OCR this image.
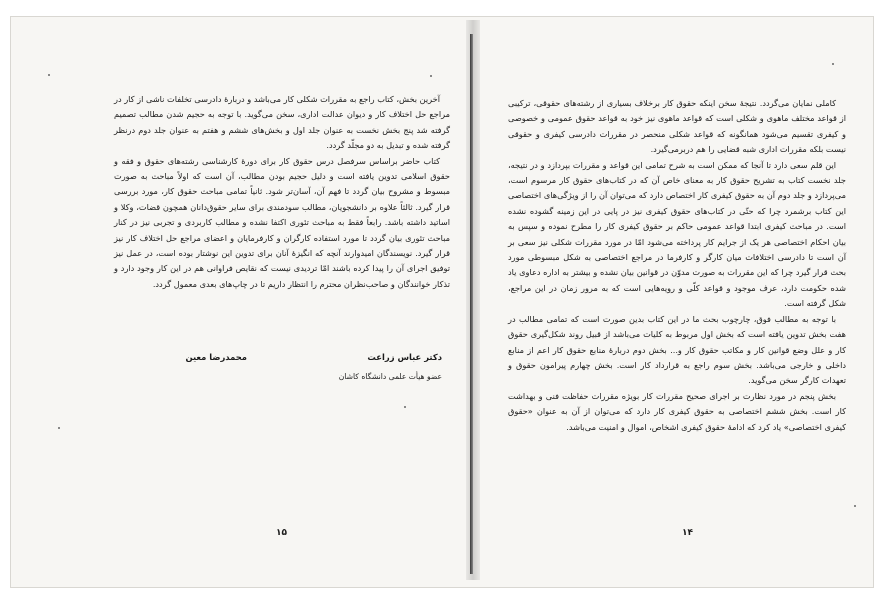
آخرین بخش، کتاب راجع به مقررات شکلی کار می‌باشد و دربارهٔ دادرسی تخلفات ناشی از کار در مراجع حل اختلاف کار و دیوان عدالت اداری، سخن می‌گوید. با توجه به حجیم شدن مطالب تصمیم گرفته شد پنج بخش نخست به عنوان جلد اول و بخش‌های ششم و هفتم به عنوان جلد دوم درنظر گرفته شده و تبدیل به دو مجلّد گردد.

کتاب حاضر براساس سرفصل درس حقوق کار برای دورهٔ کارشناسی رشته‌های حقوق و فقه و حقوق اسلامی تدوین یافته است و دلیل حجیم بودن مطالب، آن است که اولاً مباحث به صورت مبسوط و مشروح بیان گردد تا فهم آن، آسان‌تر شود. ثانیاً تمامی مباحث حقوق کار، مورد بررسی قرار گیرد. ثالثاً علاوه بر دانشجویان، مطالب سودمندی برای سایر حقوق‌دانان همچون قضات، وکلا و اساتید داشته باشد. رابعاً فقط به مباحث تئوری اکتفا نشده و مطالب کاربردی و تجربی نیز در کنار مباحث تئوری بیان گردد تا مورد استفاده کارگران و کارفرمایان و اعضای مراجع حل اختلاف کار نیز قرار گیرد. نویسندگان امیدوارند آنچه که انگیزهٔ آنان برای تدوین این نوشتار بوده است، در عمل نیز توفیق اجرای آن را پیدا کرده باشند امّا تردیدی نیست که نقایص فراوانی هم در این کار وجود دارد و تذکار خوانندگان و صاحب‌نظران محترم را انتظار داریم تا در چاپ‌های بعدی معمول گردد.

دکتر عباس زراعت
عضو هیأت علمی دانشگاه کاشان
محمدرضا معین
۱۵

کاملی نمایان می‌گردد. نتیجهٔ سخن اینکه حقوق کار برخلاف بسیاری از رشته‌های حقوقی، ترکیبی از قواعد مختلف ماهوی و شکلی است که قواعد ماهوی نیز خود به قواعد حقوق عمومی و خصوصی و کیفری تقسیم می‌شود همانگونه که قواعد شکلی منحصر در مقررات دادرسی کیفری و حقوقی نیست بلکه مقررات اداری شبه قضایی را هم دربرمی‌گیرد.

این قلم سعی دارد تا آنجا که ممکن است به شرح تمامی این قواعد و مقررات بپردازد و در نتیجه، جلد نخست کتاب به تشریح حقوق کار به معنای خاص آن که در کتاب‌های حقوق کار مرسوم است، می‌پردازد و جلد دوم آن به حقوق کیفری کار اختصاص دارد که می‌توان آن را از ویژگی‌های اختصاصی این کتاب برشمرد چرا که حتّی در کتاب‌های حقوق کیفری نیز در پایی در این زمینه گشوده نشده است. در مباحث کیفری ابتدا قواعد عمومی حاکم بر حقوق کیفری کار را مطرح نموده و سپس به بیان احکام اختصاصی هر یک از جرایم کار پرداخته می‌شود امّا در مورد مقررات شکلی نیز سعی بر آن است تا دادرسی اختلافات میان کارگر و کارفرما در مراجع اختصاصی به شکل مبسوطی مورد بحث قرار گیرد چرا که این مقررات به صورت مدوّن در قوانین بیان نشده و بیشتر به اداره دعاوی یاد شده حکومت دارد، عرف موجود و قواعد کلّی و رویه‌هایی است که به مرور زمان در این مراجع، شکل گرفته است.

با توجه به مطالب فوق، چارچوب بحث ما در این کتاب بدین صورت است که تمامی مطالب در هفت بخش تدوین یافته است که بخش اول مربوط به کلیات می‌باشد از قبیل روند شکل‌گیری حقوق کار و علل وضع قوانین کار و مکاتب حقوق کار و... بخش دوم دربارهٔ منابع حقوق کار اعم از منابع داخلی و خارجی می‌باشد. بخش سوم راجع به قرارداد کار است. بخش چهارم پیرامون حقوق و تعهدات کارگر سخن می‌گوید.

بخش پنجم در مورد نظارت بر اجرای صحیح مقررات کار بویژه مقررات حفاظت فنی و بهداشت کار است. بخش ششم اختصاصی به حقوق کیفری کار دارد که می‌توان از آن به عنوان «حقوق کیفری اختصاصی» یاد کرد که ادامهٔ حقوق کیفری اشخاص، اموال و امنیت می‌باشد.

۱۴
